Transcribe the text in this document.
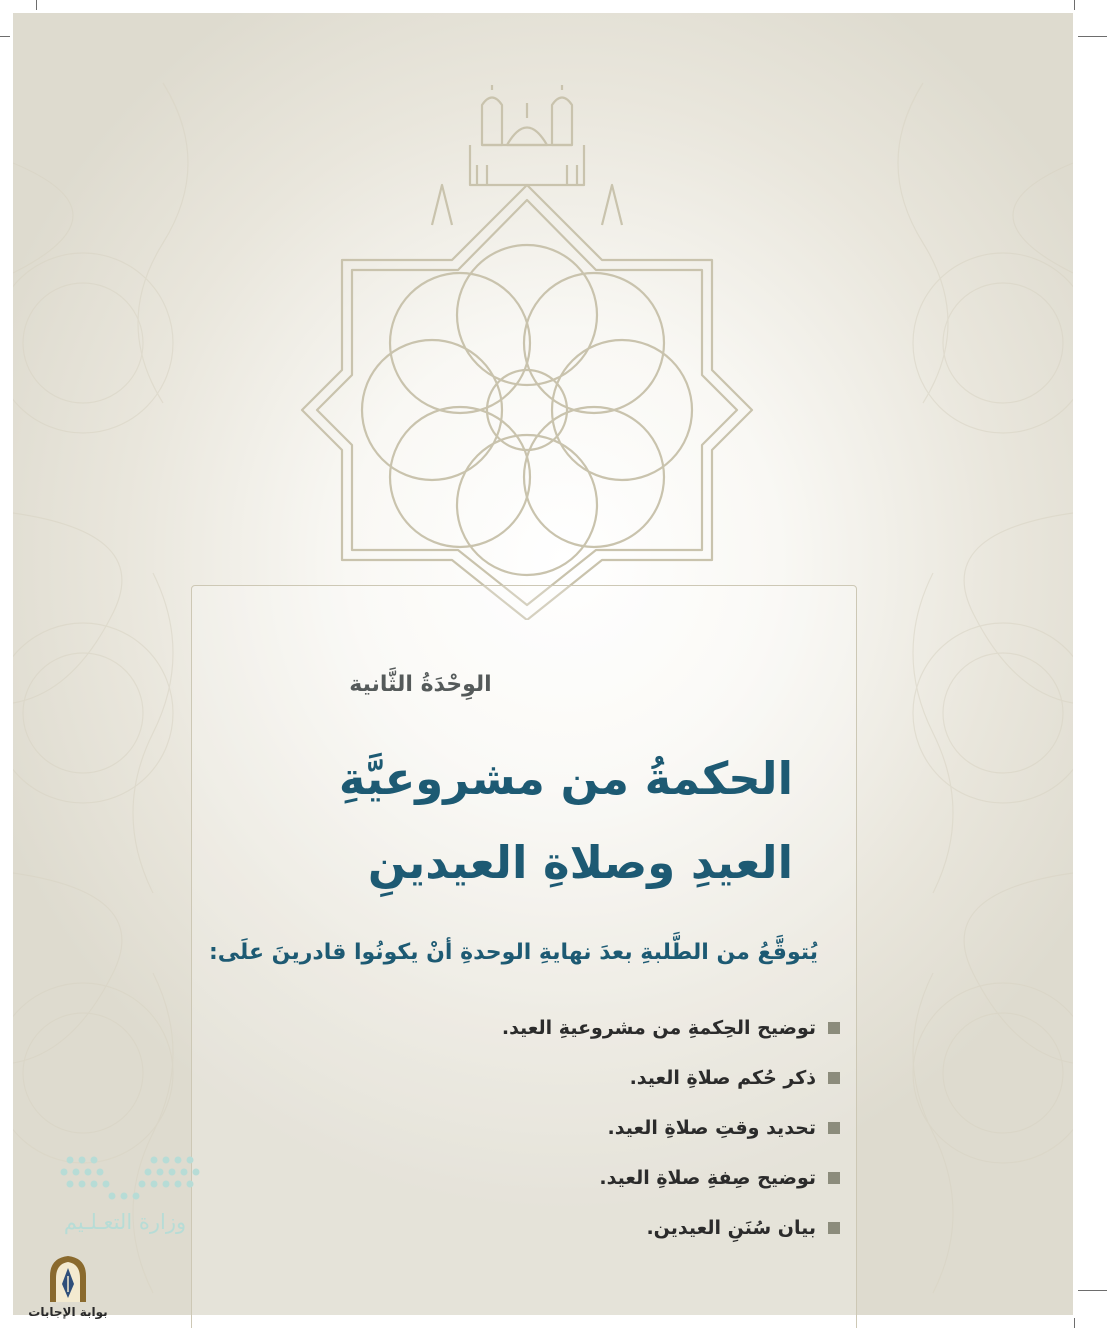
الوِحْدَةُ الثَّانية
الحكمةُ من مشروعيَّةِ
العيدِ وصلاةِ العيدينِ
يُتوقَّعُ من الطَّلبةِ بعدَ نهايةِ الوحدةِ أنْ يكونُوا قادرينَ علَى:
توضيح الحِكمةِ من مشروعيةِ العيد.
ذكر حُكم صلاةِ العيد.
تحديد وقتِ صلاةِ العيد.
توضيح صِفةِ صلاةِ العيد.
بيان سُنَنِ العيدين.
وزارة التعـلـيم
بوابة الإجابات
